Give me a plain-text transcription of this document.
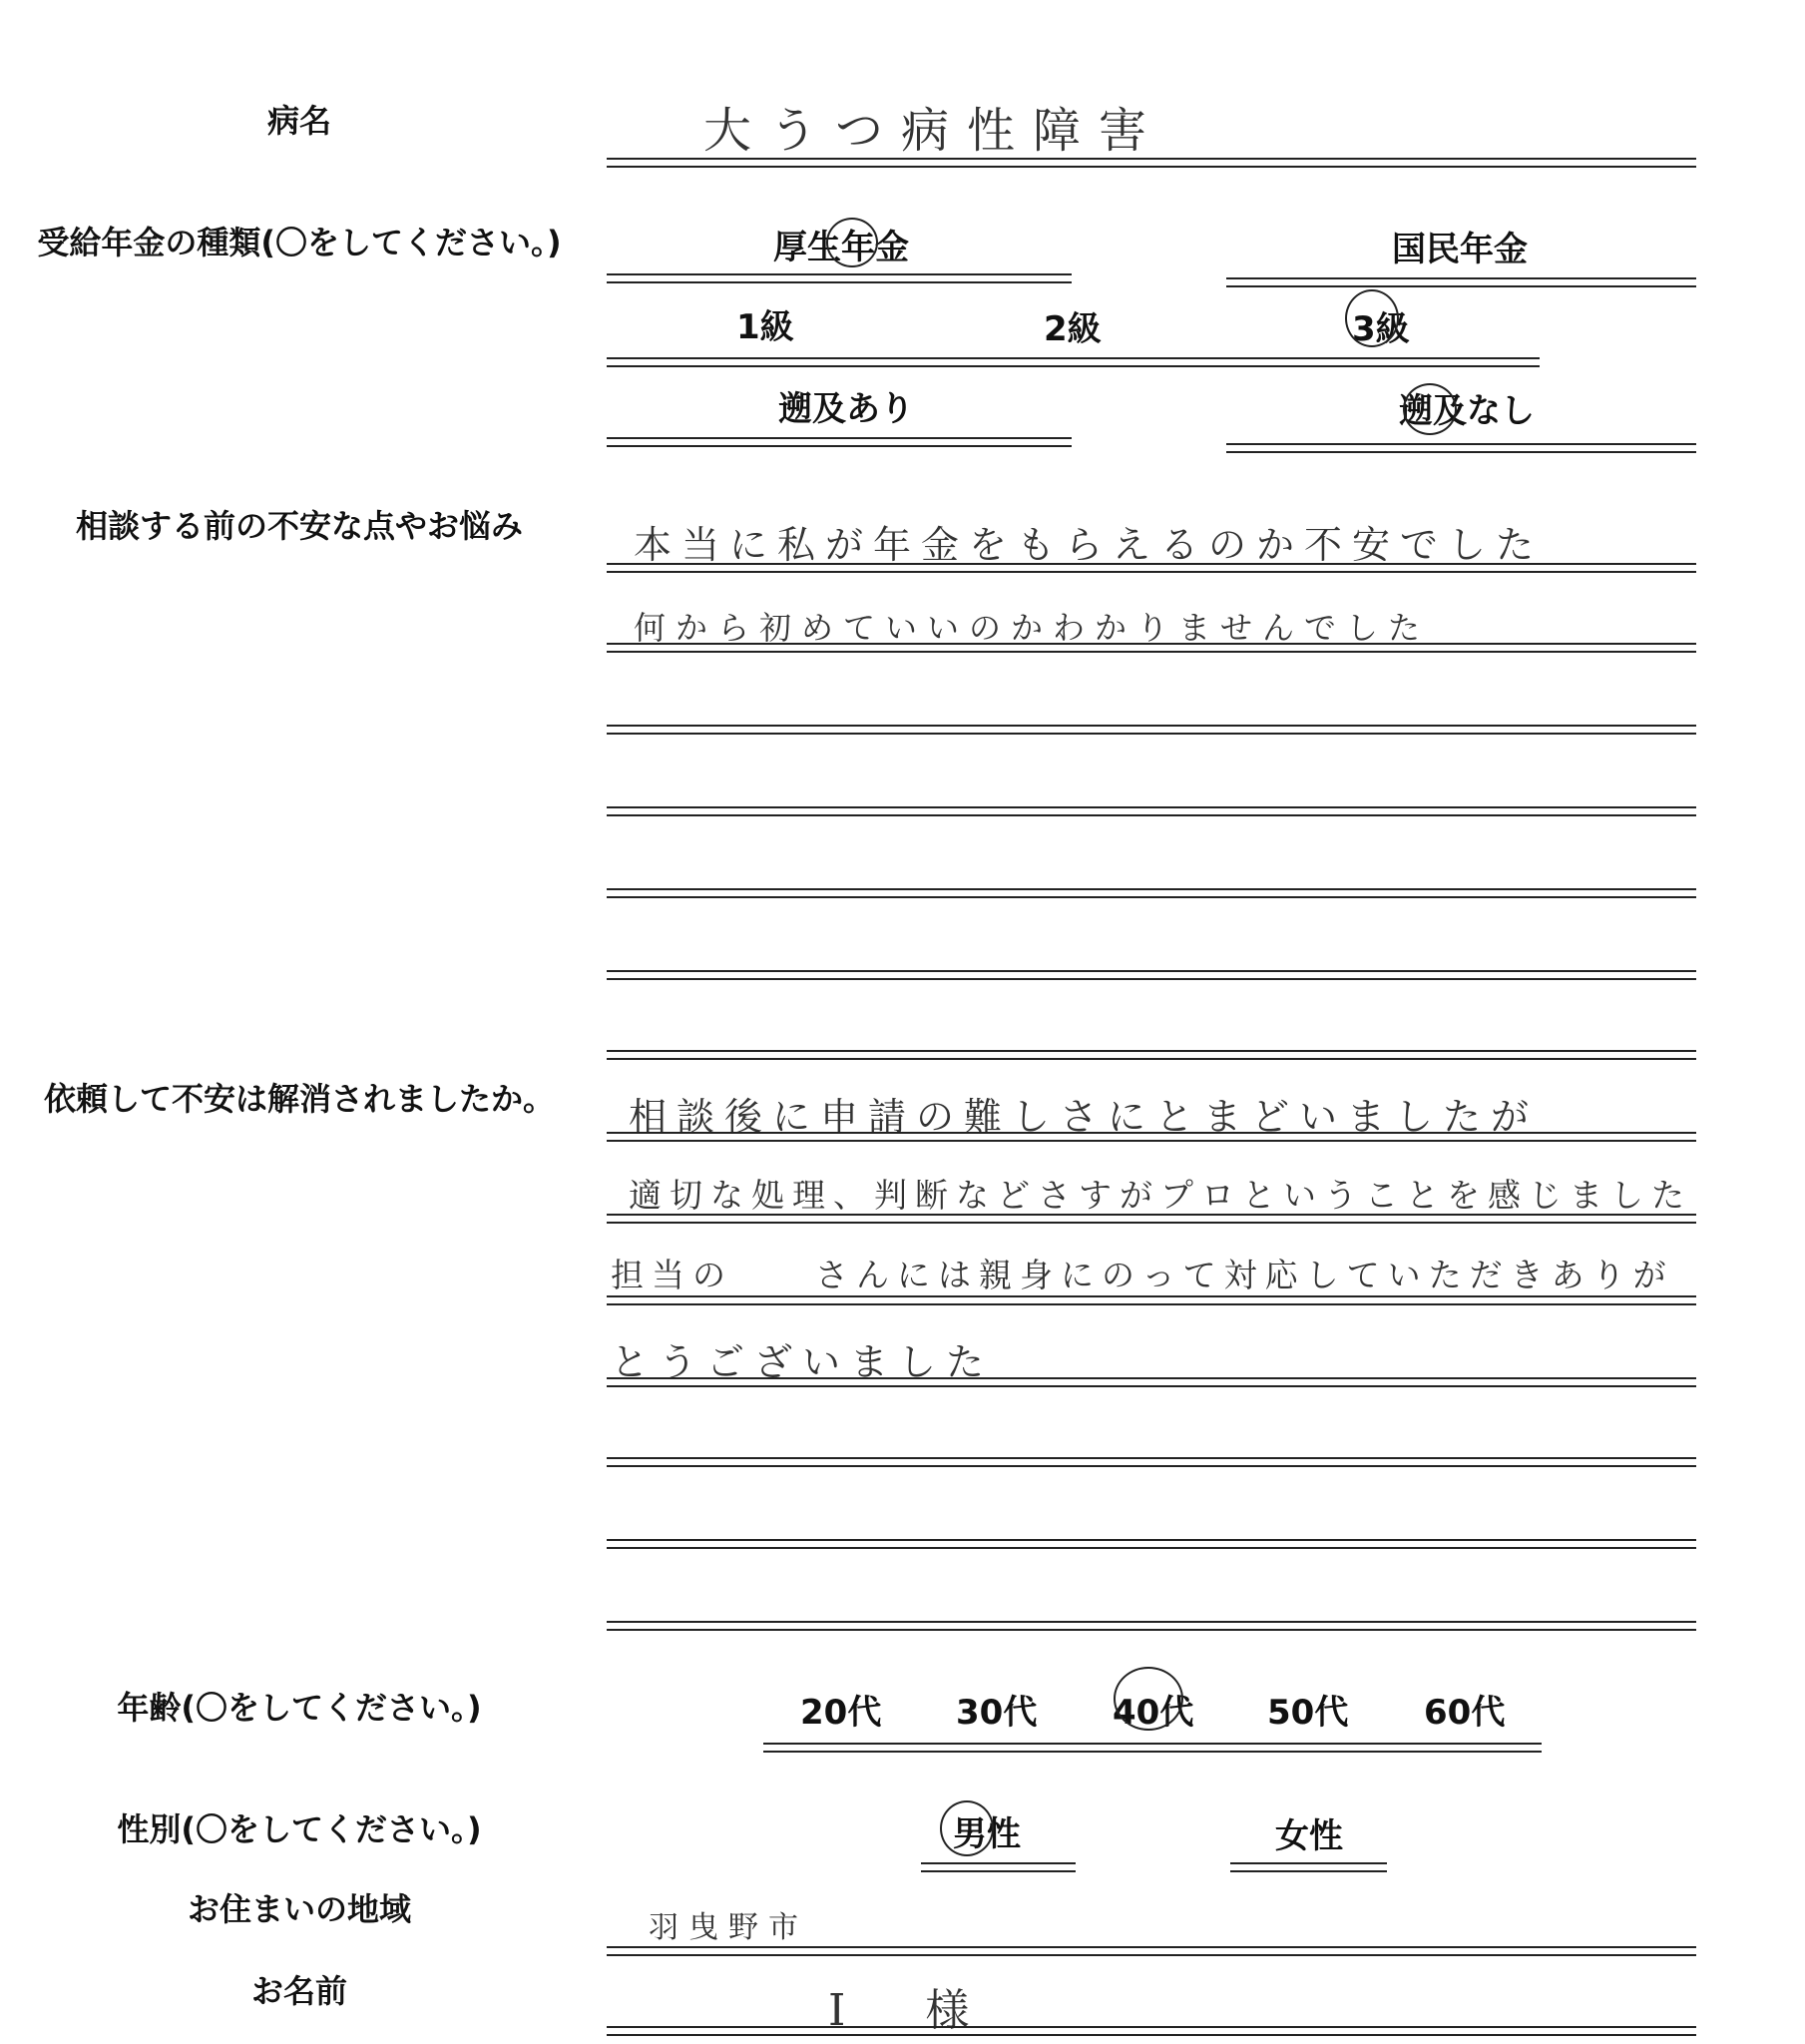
病名	大うつ病性障害
受給年金の種類(〇をしてください。)	厚生年金	国民年金
1級	2級	3級
遡及あり	遡及なし
相談する前の不安な点やお悩み	本当に私が年金をもらえるのか不安でした
何から初めていいのかわかりませんでした
依頼して不安は解消されましたか。	相談後に申請の難しさにとまどいましたが
適切な処理、判断などさすがプロということを感じました
担当の　　さんには親身にのって対応していただきありが
とうございました
年齢(〇をしてください。)	20代 30代 40代 50代 60代
性別(〇をしてください。)	男性	女性
お住まいの地域	羽曳野市
お名前	I　様
